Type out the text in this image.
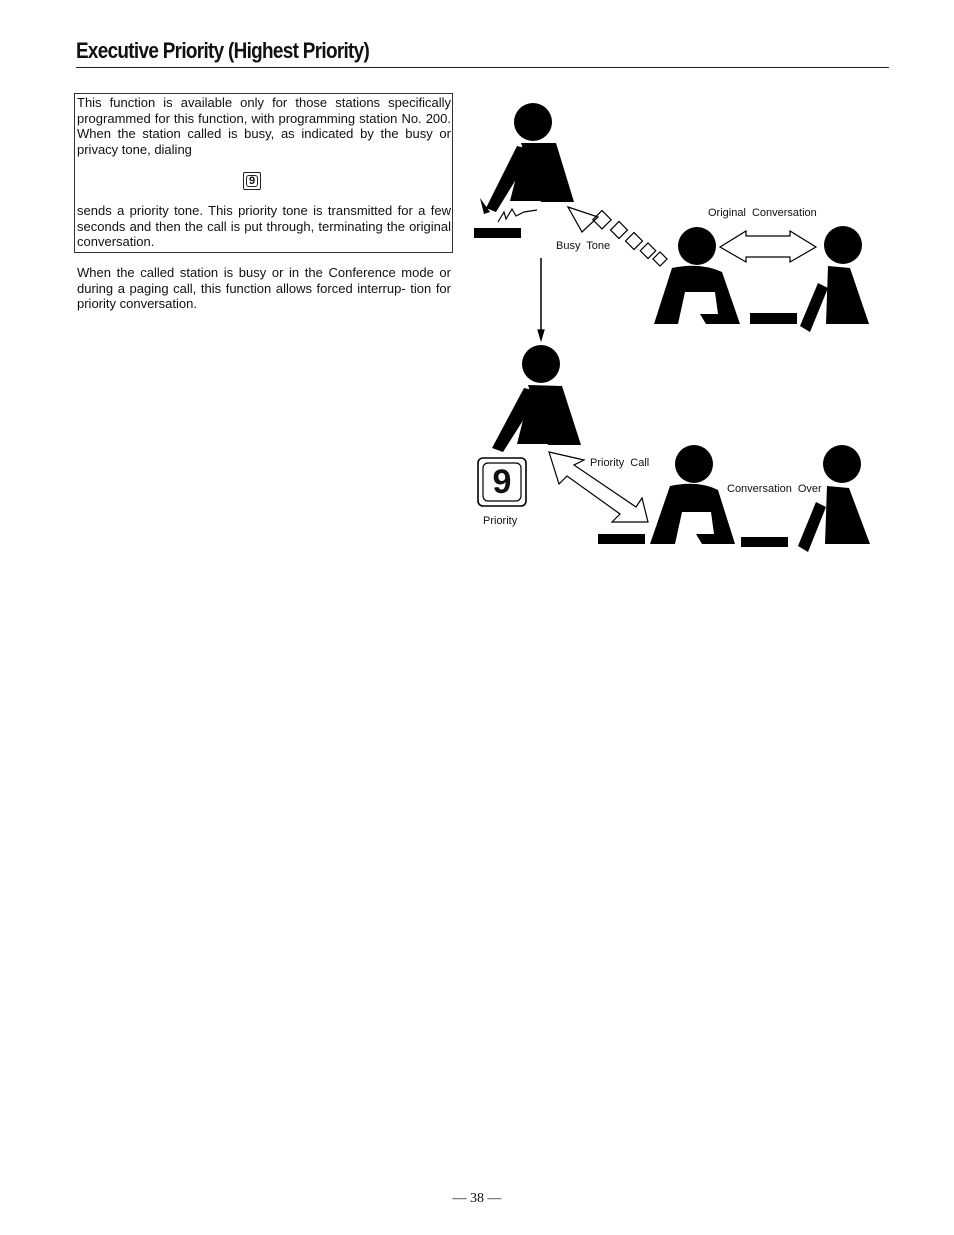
Executive Priority (Highest Priority)

This function is available only for those stations specifically programmed for this function, with programming station No. 200. When the station called is busy, as indicated by the busy or privacy tone, dialing

9

sends a priority tone. This priority tone is transmitted for a few seconds and then the call is put through, terminating the original conversation.

When the called station is busy or in the Conference mode or during a paging call, this function allows forced interrup- tion for priority conversation.

Busy Tone
Original Conversation
Priority Call
Conversation Over
Priority
9
— 38 —
